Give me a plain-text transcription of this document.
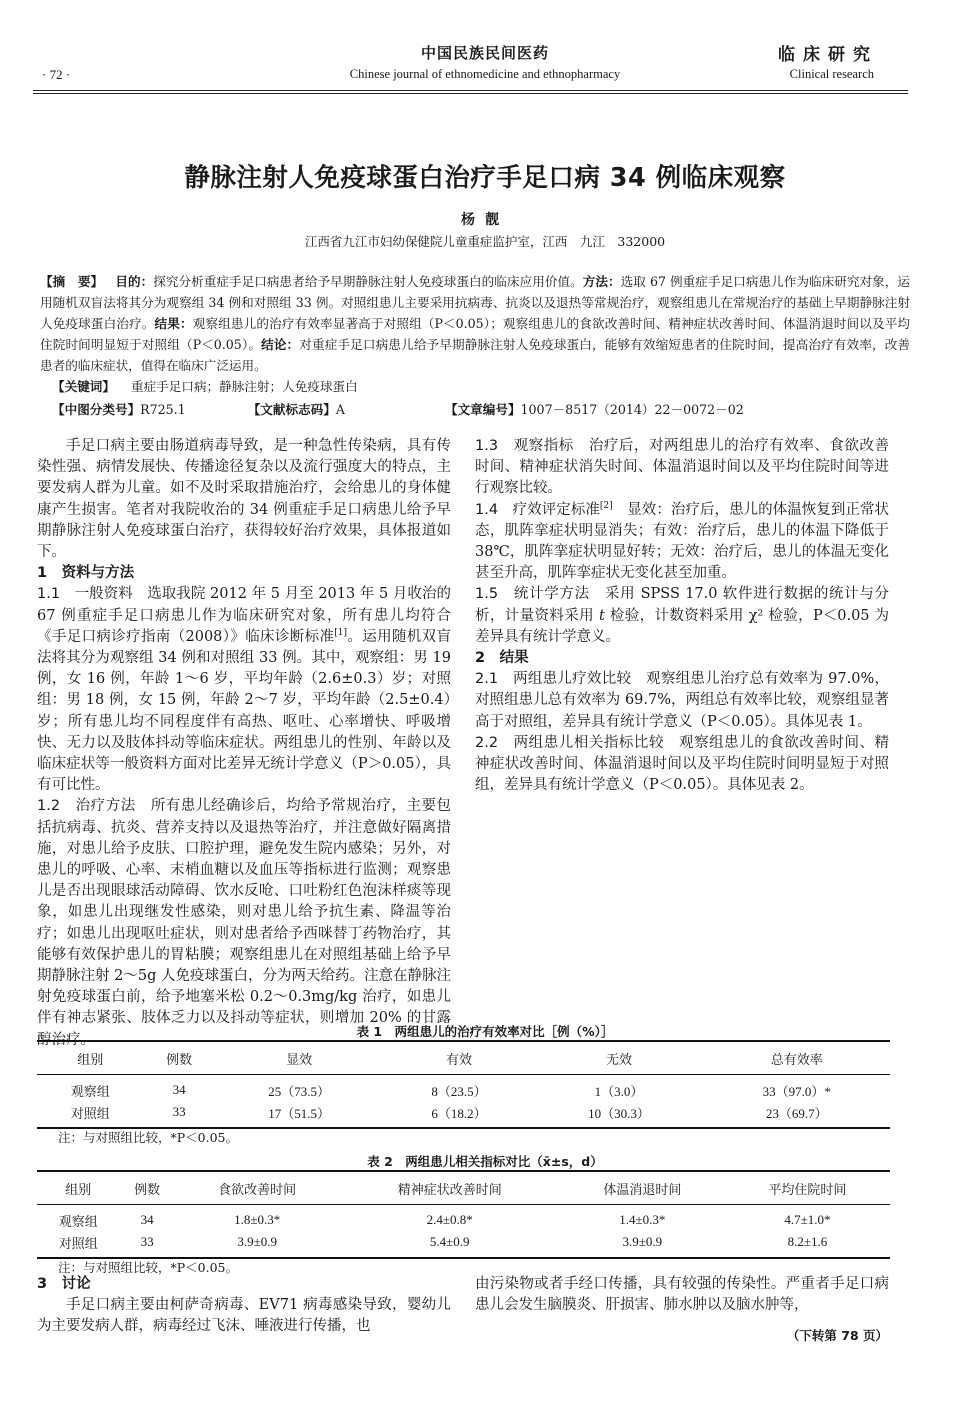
中国民族民间医药	临床研究
· 72 ·	Chinese journal of ethnomedicine and ethnopharmacy	Clinical research
静脉注射人免疫球蛋白治疗手足口病 34 例临床观察
杨靓
江西省九江市妇幼保健院儿童重症监护室，江西　九江　332000
【摘　要】 目的：探究分析重症手足口病患者给予早期静脉注射人免疫球蛋白的临床应用价值。方法：选取 67 例重症手足口病患儿作为临床研究对象，运用随机双盲法将其分为观察组 34 例和对照组 33 例。对照组患儿主要采用抗病毒、抗炎以及退热等常规治疗，观察组患儿在常规治疗的基础上早期静脉注射人免疫球蛋白治疗。结果：观察组患儿的治疗有效率显著高于对照组（P＜0.05）；观察组患儿的食欲改善时间、精神症状改善时间、体温消退时间以及平均住院时间明显短于对照组（P＜0.05）。结论：对重症手足口病患儿给予早期静脉注射人免疫球蛋白，能够有效缩短患者的住院时间，提高治疗有效率，改善患者的临床症状，值得在临床广泛运用。
【关键词】 重症手足口病；静脉注射；人免疫球蛋白
【中图分类号】R725.1	【文献标志码】A	【文章编号】1007－8517（2014）22－0072－02

手足口病主要由肠道病毒导致，是一种急性传染病，具有传染性强、病情发展快、传播途径复杂以及流行强度大的特点，主要发病人群为儿童。如不及时采取措施治疗，会给患儿的身体健康产生损害。笔者对我院收治的 34 例重症手足口病患儿给予早期静脉注射人免疫球蛋白治疗，获得较好治疗效果，具体报道如下。

1　资料与方法

1.1　一般资料　 选取我院 2012 年 5 月至 2013 年 5 月收治的 67 例重症手足口病患儿作为临床研究对象，所有患儿均符合《手足口病诊疗指南（2008）》临床诊断标准[1]。运用随机双盲法将其分为观察组 34 例和对照组 33 例。其中，观察组：男 19 例，女 16 例，年龄 1～6 岁，平均年龄（2.6±0.3）岁；对照组：男 18 例，女 15 例，年龄 2～7 岁，平均年龄（2.5±0.4）岁；所有患儿均不同程度伴有高热、呕吐、心率增快、呼吸增快、无力以及肢体抖动等临床症状。两组患儿的性别、年龄以及临床症状等一般资料方面对比差异无统计学意义（P＞0.05），具有可比性。

1.2　治疗方法　 所有患儿经确诊后，均给予常规治疗，主要包括抗病毒、抗炎、营养支持以及退热等治疗，并注意做好隔离措施，对患儿给予皮肤、口腔护理，避免发生院内感染；另外，对患儿的呼吸、心率、末梢血糖以及血压等指标进行监测；观察患儿是否出现眼球活动障碍、饮水反呛、口吐粉红色泡沫样痰等现象，如患儿出现继发性感染，则对患儿给予抗生素、降温等治疗；如患儿出现呕吐症状，则对患者给予西咪替丁药物治疗，其能够有效保护患儿的胃粘膜；观察组患儿在对照组基础上给予早期静脉注射 2～5g 人免疫球蛋白，分为两天给药。注意在静脉注射免疫球蛋白前，给予地塞米松 0.2～0.3mg/kg 治疗，如患儿伴有神志紧张、肢体乏力以及抖动等症状，则增加 20% 的甘露醇治疗。

1.3　观察指标　 治疗后，对两组患儿的治疗有效率、食欲改善时间、精神症状消失时间、体温消退时间以及平均住院时间等进行观察比较。

1.4　疗效评定标准[2]　 显效：治疗后，患儿的体温恢复到正常状态，肌阵挛症状明显消失；有效：治疗后，患儿的体温下降低于 38℃，肌阵挛症状明显好转；无效：治疗后，患儿的体温无变化甚至升高，肌阵挛症状无变化甚至加重。

1.5　统计学方法　 采用 SPSS 17.0 软件进行数据的统计与分析，计量资料采用 t 检验，计数资料采用 χ² 检验，P＜0.05 为差异具有统计学意义。

2　结果

2.1　两组患儿疗效比较　 观察组患儿治疗总有效率为 97.0%，对照组患儿总有效率为 69.7%，两组总有效率比较，观察组显著高于对照组，差异具有统计学意义（P＜0.05）。具体见表 1。

2.2　两组患儿相关指标比较　 观察组患儿的食欲改善时间、精神症状改善时间、体温消退时间以及平均住院时间明显短于对照组，差异具有统计学意义（P＜0.05）。具体见表 2。

表 1　两组患儿的治疗有效率对比［例（%）］
组别	例数	显效	有效	无效	总有效率
观察组	34	25（73.5）	8（23.5）	1（3.0）	33（97.0）*
对照组	33	17（51.5）	6（18.2）	10（30.3）	23（69.7）
注：与对照组比较，*P＜0.05。
表 2　两组患儿相关指标对比（x̄±s，d）
组别	例数	食欲改善时间	精神症状改善时间	体温消退时间	平均住院时间
观察组	34	1.8±0.3*	2.4±0.8*	1.4±0.3*	4.7±1.0*
对照组	33	3.9±0.9	5.4±0.9	3.9±0.9	8.2±1.6
注：与对照组比较，*P＜0.05。

3　讨论

手足口病主要由柯萨奇病毒、EV71 病毒感染导致，婴幼儿为主要发病人群，病毒经过飞沫、唾液进行传播，也

由污染物或者手经口传播，具有较强的传染性。严重者手足口病患儿会发生脑膜炎、肝损害、肺水肿以及脑水肿等，

（下转第 78 页）
